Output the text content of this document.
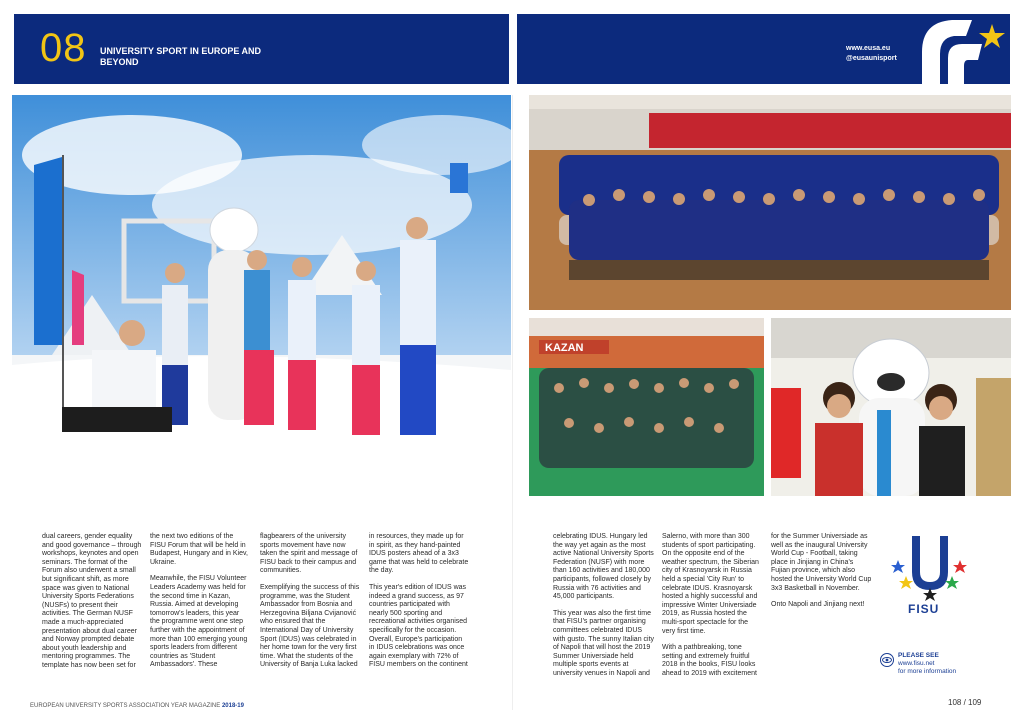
08 UNIVERSITY SPORT IN EUROPE AND BEYOND
www.eusa.eu
@eusaunisport
KAZAN

dual careers, gender equality and good governance – through workshops, keynotes and open seminars. The format of the Forum also underwent a small but significant shift, as more space was given to National University Sports Federations (NUSFs) to present their activities. The German NUSF made a much-appreciated presentation about dual career and Norway prompted debate about youth leadership and mentoring programmes. The template has now been set for

the next two editions of the FISU Forum that will be held in Budapest, Hungary and in Kiev, Ukraine.

Meanwhile, the FISU Volunteer Leaders Academy was held for the second time in Kazan, Russia. Aimed at developing tomorrow's leaders, this year the programme went one step further with the appointment of more than 100 emerging young sports leaders from different countries as 'Student Ambassadors'. These

flagbearers of the university sports movement have now taken the spirit and message of FISU back to their campus and communities.

Exemplifying the success of this programme, was the Student Ambassador from Bosnia and Herzegovina Biljana Cvijanović who ensured that the International Day of University Sport (IDUS) was celebrated in her home town for the very first time. What the students of the University of Banja Luka lacked

in resources, they made up for in spirit, as they hand-painted IDUS posters ahead of a 3x3 game that was held to celebrate the day.

This year's edition of IDUS was indeed a grand success, as 97 countries participated with nearly 500 sporting and recreational activities organised specifically for the occasion. Overall, Europe's participation in IDUS celebrations was once again exemplary with 72% of FISU members on the continent

celebrating IDUS. Hungary led the way yet again as the most active National University Sports Federation (NUSF) with more than 160 activities and 180,000 participants, followed closely by Russia with 76 activities and 45,000 participants.

This year was also the first time that FISU's partner organising committees celebrated IDUS with gusto. The sunny Italian city of Napoli that will host the 2019 Summer Universiade held multiple sports events at university venues in Napoli and

Salerno, with more than 300 students of sport participating. On the opposite end of the weather spectrum, the Siberian city of Krasnoyarsk in Russia held a special 'City Run' to celebrate IDUS. Krasnoyarsk hosted a highly successful and impressive Winter Universiade 2019, as Russia hosted the multi-sport spectacle for the very first time.

With a pathbreaking, tone setting and extremely fruitful 2018 in the books, FISU looks ahead to 2019 with excitement

for the Summer Universiade as well as the inaugural University World Cup - Football, taking place in Jinjiang in China's Fujian province, which also hosted the University World Cup 3x3 Basketball in November.

Onto Napoli and Jinjiang next!	FISU
PLEASE SEE
www.fisu.net
for more information
EUROPEAN UNIVERSITY SPORTS ASSOCIATION YEAR MAGAZINE 2018-19	108 / 109
